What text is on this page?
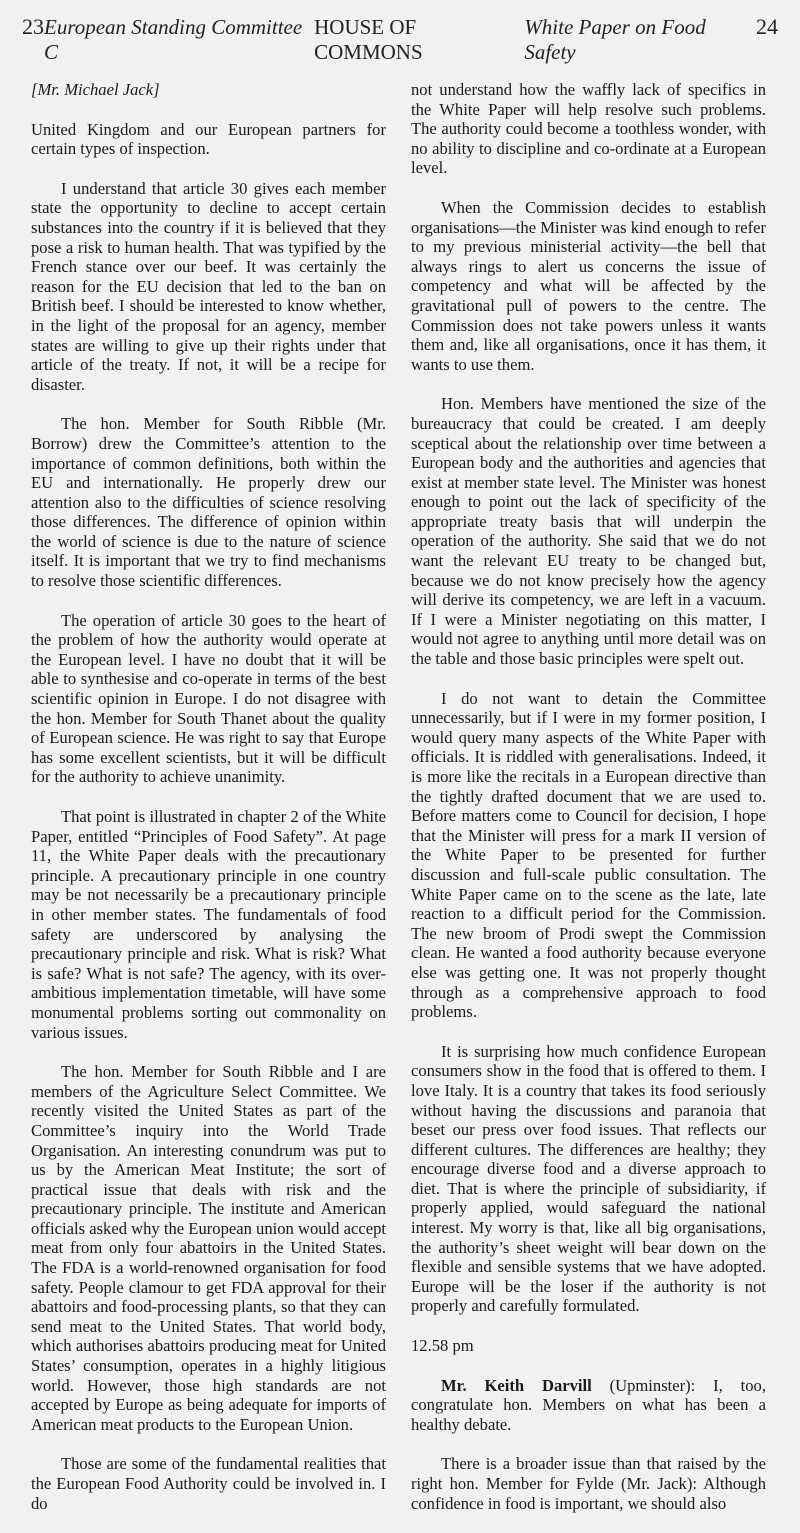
23 European Standing Committee C
HOUSE OF COMMONS
White Paper on Food Safety
24
[Mr. Michael Jack]

United Kingdom and our European partners for certain types of inspection.

I understand that article 30 gives each member state the opportunity to decline to accept certain substances into the country if it is believed that they pose a risk to human health. That was typified by the French stance over our beef. It was certainly the reason for the EU decision that led to the ban on British beef. I should be interested to know whether, in the light of the proposal for an agency, member states are willing to give up their rights under that article of the treaty. If not, it will be a recipe for disaster.

The hon. Member for South Ribble (Mr. Borrow) drew the Committee’s attention to the importance of common definitions, both within the EU and internationally. He properly drew our attention also to the difficulties of science resolving those differences. The difference of opinion within the world of science is due to the nature of science itself. It is important that we try to find mechanisms to resolve those scientific differences.

The operation of article 30 goes to the heart of the problem of how the authority would operate at the European level. I have no doubt that it will be able to synthesise and co-operate in terms of the best scientific opinion in Europe. I do not disagree with the hon. Member for South Thanet about the quality of European science. He was right to say that Europe has some excellent scientists, but it will be difficult for the authority to achieve unanimity.

That point is illustrated in chapter 2 of the White Paper, entitled “Principles of Food Safety”. At page 11, the White Paper deals with the precautionary principle. A precautionary principle in one country may be not necessarily be a precautionary principle in other member states. The fundamentals of food safety are underscored by analysing the precautionary principle and risk. What is risk? What is safe? What is not safe? The agency, with its over-ambitious implementation timetable, will have some monumental problems sorting out commonality on various issues.

The hon. Member for South Ribble and I are members of the Agriculture Select Committee. We recently visited the United States as part of the Committee’s inquiry into the World Trade Organisation. An interesting conundrum was put to us by the American Meat Institute; the sort of practical issue that deals with risk and the precautionary principle. The institute and American officials asked why the European union would accept meat from only four abattoirs in the United States. The FDA is a world-renowned organisation for food safety. People clamour to get FDA approval for their abattoirs and food-processing plants, so that they can send meat to the United States. That world body, which authorises abattoirs producing meat for United States’ consumption, operates in a highly litigious world. However, those high standards are not accepted by Europe as being adequate for imports of American meat products to the European Union.

Those are some of the fundamental realities that the European Food Authority could be involved in. I do

not understand how the waffly lack of specifics in the White Paper will help resolve such problems. The authority could become a toothless wonder, with no ability to discipline and co-ordinate at a European level.

When the Commission decides to establish organisations—the Minister was kind enough to refer to my previous ministerial activity—the bell that always rings to alert us concerns the issue of competency and what will be affected by the gravitational pull of powers to the centre. The Commission does not take powers unless it wants them and, like all organisations, once it has them, it wants to use them.

Hon. Members have mentioned the size of the bureaucracy that could be created. I am deeply sceptical about the relationship over time between a European body and the authorities and agencies that exist at member state level. The Minister was honest enough to point out the lack of specificity of the appropriate treaty basis that will underpin the operation of the authority. She said that we do not want the relevant EU treaty to be changed but, because we do not know precisely how the agency will derive its competency, we are left in a vacuum. If I were a Minister negotiating on this matter, I would not agree to anything until more detail was on the table and those basic principles were spelt out.

I do not want to detain the Committee unnecessarily, but if I were in my former position, I would query many aspects of the White Paper with officials. It is riddled with generalisations. Indeed, it is more like the recitals in a European directive than the tightly drafted document that we are used to. Before matters come to Council for decision, I hope that the Minister will press for a mark II version of the White Paper to be presented for further discussion and full-scale public consultation. The White Paper came on to the scene as the late, late reaction to a difficult period for the Commission. The new broom of Prodi swept the Commission clean. He wanted a food authority because everyone else was getting one. It was not properly thought through as a comprehensive approach to food problems.

It is surprising how much confidence European consumers show in the food that is offered to them. I love Italy. It is a country that takes its food seriously without having the discussions and paranoia that beset our press over food issues. That reflects our different cultures. The differences are healthy; they encourage diverse food and a diverse approach to diet. That is where the principle of subsidiarity, if properly applied, would safeguard the national interest. My worry is that, like all big organisations, the authority’s sheet weight will bear down on the flexible and sensible systems that we have adopted. Europe will be the loser if the authority is not properly and carefully formulated.

12.58 pm

Mr. Keith Darvill (Upminster): I, too, congratulate hon. Members on what has been a healthy debate.

There is a broader issue than that raised by the right hon. Member for Fylde (Mr. Jack): Although confidence in food is important, we should also
